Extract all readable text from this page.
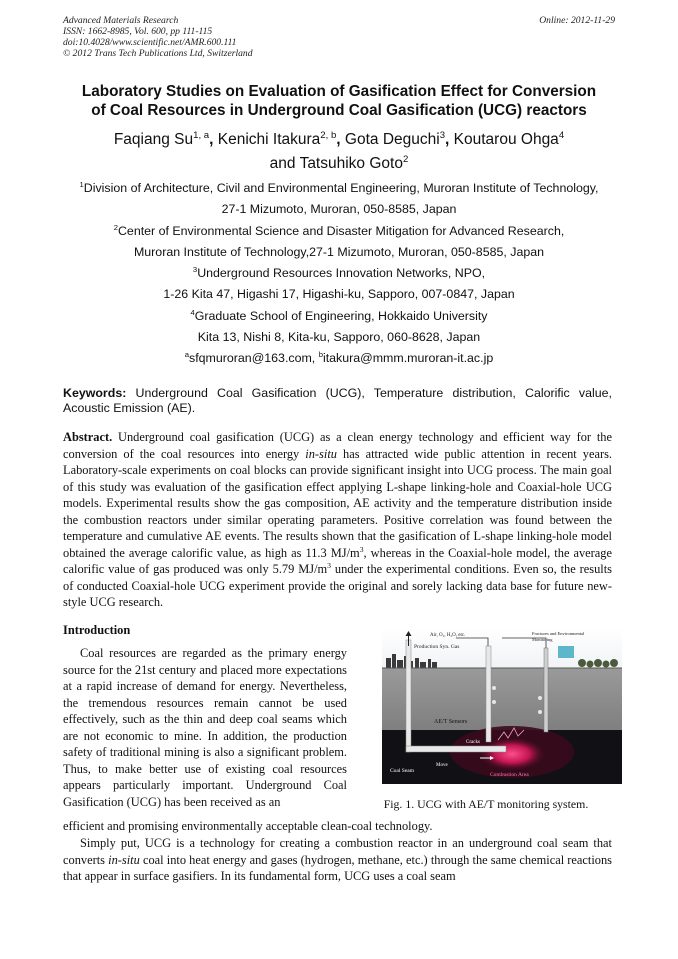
Advanced Materials Research
ISSN: 1662-8985, Vol. 600, pp 111-115
doi:10.4028/www.scientific.net/AMR.600.111
© 2012 Trans Tech Publications Ltd, Switzerland
Online: 2012-11-29
Laboratory Studies on Evaluation of Gasification Effect for Conversion
of Coal Resources in Underground Coal Gasification (UCG) reactors
Faqiang Su$^{1, a}$, Kenichi Itakura$^{2, b}$, Gota Deguchi$^3$, Koutarou Ohga$^4$
and Tatsuhiko Goto$^2$
$^1$Division of Architecture, Civil and Environmental Engineering, Muroran Institute of Technology,
27-1 Mizumoto, Muroran, 050-8585, Japan
$^2$Center of Environmental Science and Disaster Mitigation for Advanced Research,
Muroran Institute of Technology,27-1 Mizumoto, Muroran, 050-8585, Japan
$^3$Underground Resources Innovation Networks, NPO,
1-26 Kita 47, Higashi 17, Higashi-ku, Sapporo, 007-0847, Japan
$^4$Graduate School of Engineering, Hokkaido University
Kita 13, Nishi 8, Kita-ku, Sapporo, 060-8628, Japan
$^a$sfqmuroran@163.com, $^b$itakura@mmm.muroran-it.ac.jp
Keywords: Underground Coal Gasification (UCG), Temperature distribution, Calorific value, Acoustic Emission (AE).
Abstract. Underground coal gasification (UCG) as a clean energy technology and efficient way for the conversion of the coal resources into energy in-situ has attracted wide public attention in recent years. Laboratory-scale experiments on coal blocks can provide significant insight into UCG process. The main goal of this study was evaluation of the gasification effect applying L-shape linking-hole and Coaxial-hole UCG models. Experimental results show the gas composition, AE activity and the temperature distribution inside the combustion reactors under similar operating parameters. Positive correlation was found between the temperature and cumulative AE events. The results shown that the gasification of L-shape linking-hole model obtained the average calorific value, as high as 11.3 $MJ/m^3$, whereas in the Coaxial-hole model, the average calorific value of gas produced was only 5.79 $MJ/m^3$ under the experimental conditions. Even so, the results of conducted Coaxial-hole UCG experiment provide the original and sorely lacking data base for future new-style UCG research.
Introduction
Coal resources are regarded as the primary energy source for the 21st century and placed more expectations at a rapid increase of demand for energy. Nevertheless, the tremendous resources remain cannot be used effectively, such as the thin and deep coal seams which are not economic to mine. In addition, the production safety of traditional mining is also a significant problem. Thus, to make better use of existing coal resources appears particularly important. Underground Coal Gasification (UCG) has been received as an
efficient and promising environmentally acceptable clean-coal technology.
Simply put, UCG is a technology for creating a combustion reactor in an underground coal seam that converts in-situ coal into heat energy and gases (hydrogen, methane, etc.) through the same chemical reactions that appear in surface gasifiers. In its fundamental form, UCG uses a coal seam
Air, O₂, H₂O, etc.	Fractures and Environmental
Monitoring
Production Syn. Gas
AE/T Sensors
Cracks
Move
Coal Seam
Combustion Area
Fig. 1. UCG with AE/T monitoring system.
